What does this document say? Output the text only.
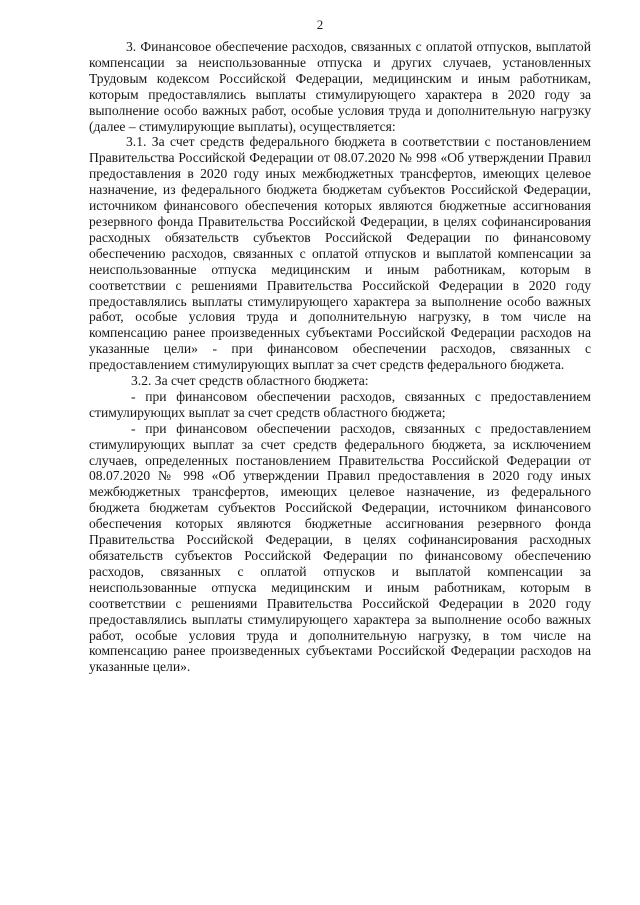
2

3. Финансовое обеспечение расходов, связанных с оплатой отпусков, выплатой компенсации за неиспользованные отпуска и других случаев, установленных Трудовым кодексом Российской Федерации, медицинским и иным работникам, которым предоставлялись выплаты стимулирующего характера в 2020 году за выполнение особо важных работ, особые условия труда и дополнительную нагрузку (далее – стимулирующие выплаты), осуществляется:

3.1. За счет средств федерального бюджета в соответствии с постановлением Правительства Российской Федерации от 08.07.2020 № 998 «Об утверждении Правил предоставления в 2020 году иных межбюджетных трансфертов, имеющих целевое назначение, из федерального бюджета бюджетам субъектов Российской Федерации, источником финансового обеспечения которых являются бюджетные ассигнования резервного фонда Правительства Российской Федерации, в целях софинансирования расходных обязательств субъектов Российской Федерации по финансовому обеспечению расходов, связанных с оплатой отпусков и выплатой компенсации за неиспользованные отпуска медицинским и иным работникам, которым в соответствии с решениями Правительства Российской Федерации в 2020 году предоставлялись выплаты стимулирующего характера за выполнение особо важных работ, особые условия труда и дополнительную нагрузку, в том числе на компенсацию ранее произведенных субъектами Российской Федерации расходов на указанные цели» - при финансовом обеспечении расходов, связанных с предоставлением стимулирующих выплат за счет средств федерального бюджета.

3.2. За счет средств областного бюджета:

- при финансовом обеспечении расходов, связанных с предоставлением стимулирующих выплат за счет средств областного бюджета;

- при финансовом обеспечении расходов, связанных с предоставлением стимулирующих выплат за счет средств федерального бюджета, за исключением случаев, определенных постановлением Правительства Российской Федерации от 08.07.2020 № 998 «Об утверждении Правил предоставления в 2020 году иных межбюджетных трансфертов, имеющих целевое назначение, из федерального бюджета бюджетам субъектов Российской Федерации, источником финансового обеспечения которых являются бюджетные ассигнования резервного фонда Правительства Российской Федерации, в целях софинансирования расходных обязательств субъектов Российской Федерации по финансовому обеспечению расходов, связанных с оплатой отпусков и выплатой компенсации за неиспользованные отпуска медицинским и иным работникам, которым в соответствии с решениями Правительства Российской Федерации в 2020 году предоставлялись выплаты стимулирующего характера за выполнение особо важных работ, особые условия труда и дополнительную нагрузку, в том числе на компенсацию ранее произведенных субъектами Российской Федерации расходов на указанные цели».
